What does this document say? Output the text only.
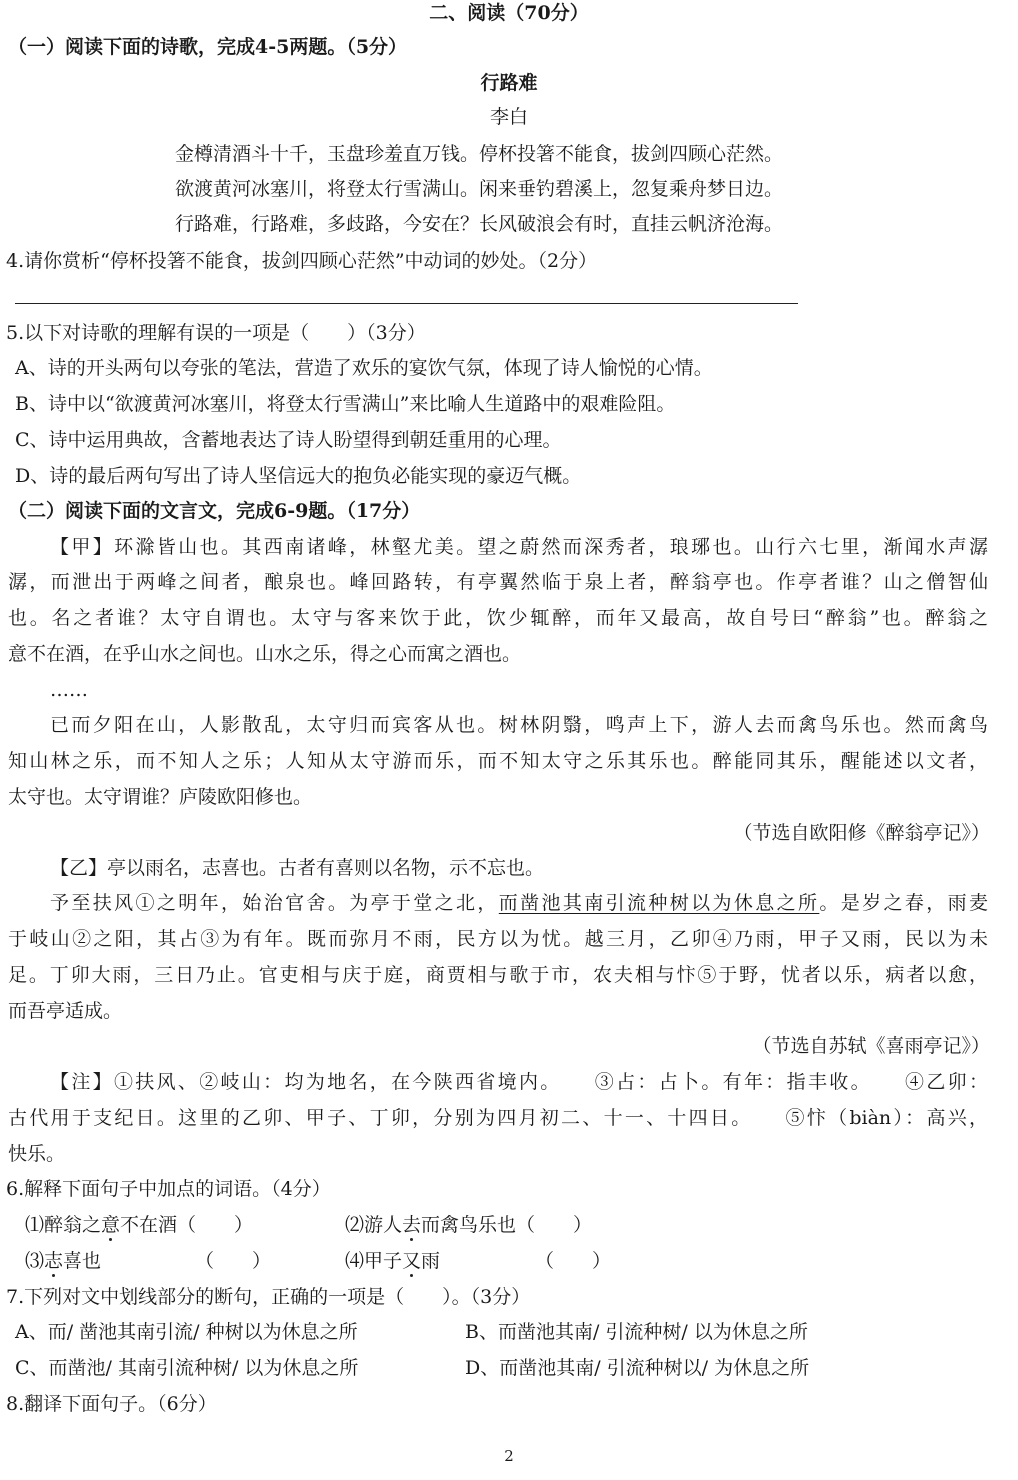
二、阅读（70分）
（一）阅读下面的诗歌，完成4-5两题。（5分）
行路难
李白
金樽清酒斗十千，玉盘珍羞直万钱。停杯投箸不能食，拔剑四顾心茫然。
欲渡黄河冰塞川，将登太行雪满山。闲来垂钓碧溪上，忽复乘舟梦日边。
行路难，行路难，多歧路，今安在？长风破浪会有时，直挂云帆济沧海。
4.请你赏析“停杯投箸不能食，拔剑四顾心茫然”中动词的妙处。（2分）
5.以下对诗歌的理解有误的一项是（　　）（3分）
A、诗的开头两句以夸张的笔法，营造了欢乐的宴饮气氛，体现了诗人愉悦的心情。
B、诗中以“欲渡黄河冰塞川，将登太行雪满山”来比喻人生道路中的艰难险阻。
C、诗中运用典故，含蓄地表达了诗人盼望得到朝廷重用的心理。
D、诗的最后两句写出了诗人坚信远大的抱负必能实现的豪迈气概。
（二）阅读下面的文言文，完成6-9题。（17分）
【甲】环滁皆山也。其西南诸峰，林壑尤美。望之蔚然而深秀者，琅琊也。山行六七里，渐闻水声潺
潺，而泄出于两峰之间者，酿泉也。峰回路转，有亭翼然临于泉上者，醉翁亭也。作亭者谁？山之僧智仙
也。名之者谁？太守自谓也。太守与客来饮于此，饮少辄醉，而年又最高，故自号曰“醉翁”也。醉翁之
意不在酒，在乎山水之间也。山水之乐，得之心而寓之酒也。
……
已而夕阳在山，人影散乱，太守归而宾客从也。树林阴翳，鸣声上下，游人去而禽鸟乐也。然而禽鸟
知山林之乐，而不知人之乐；人知从太守游而乐，而不知太守之乐其乐也。醉能同其乐，醒能述以文者，
太守也。太守谓谁？庐陵欧阳修也。
（节选自欧阳修《醉翁亭记》）
【乙】亭以雨名，志喜也。古者有喜则以名物，示不忘也。
予至扶风①之明年，始治官舍。为亭于堂之北，而凿池其南引流种树以为休息之所。是岁之春，雨麦
于岐山②之阳，其占③为有年。既而弥月不雨，民方以为忧。越三月，乙卯④乃雨，甲子又雨，民以为未
足。丁卯大雨，三日乃止。官吏相与庆于庭，商贾相与歌于市，农夫相与忭⑤于野，忧者以乐，病者以愈，
而吾亭适成。
（节选自苏轼《喜雨亭记》）
【注】①扶风、②岐山：均为地名，在今陕西省境内。　　③占：占卜。有年：指丰收。　　④乙卯：
古代用于支纪日。这里的乙卯、甲子、丁卯，分别为四月初二、十一、十四日。　　⑤忭（biàn）：高兴，
快乐。
6.解释下面句子中加点的词语。（4分）
⑴醉翁之意不在酒（　　）	⑵游人去而禽鸟乐也（　　）
⑶志喜也	（　　）	⑷甲子又雨	（　　）
7.下列对文中划线部分的断句，正确的一项是（　　）。（3分）
A、而/ 凿池其南引流/ 种树以为休息之所	B、而凿池其南/ 引流种树/ 以为休息之所
C、而凿池/ 其南引流种树/ 以为休息之所	D、而凿池其南/ 引流种树以/ 为休息之所
8.翻译下面句子。（6分）
2
